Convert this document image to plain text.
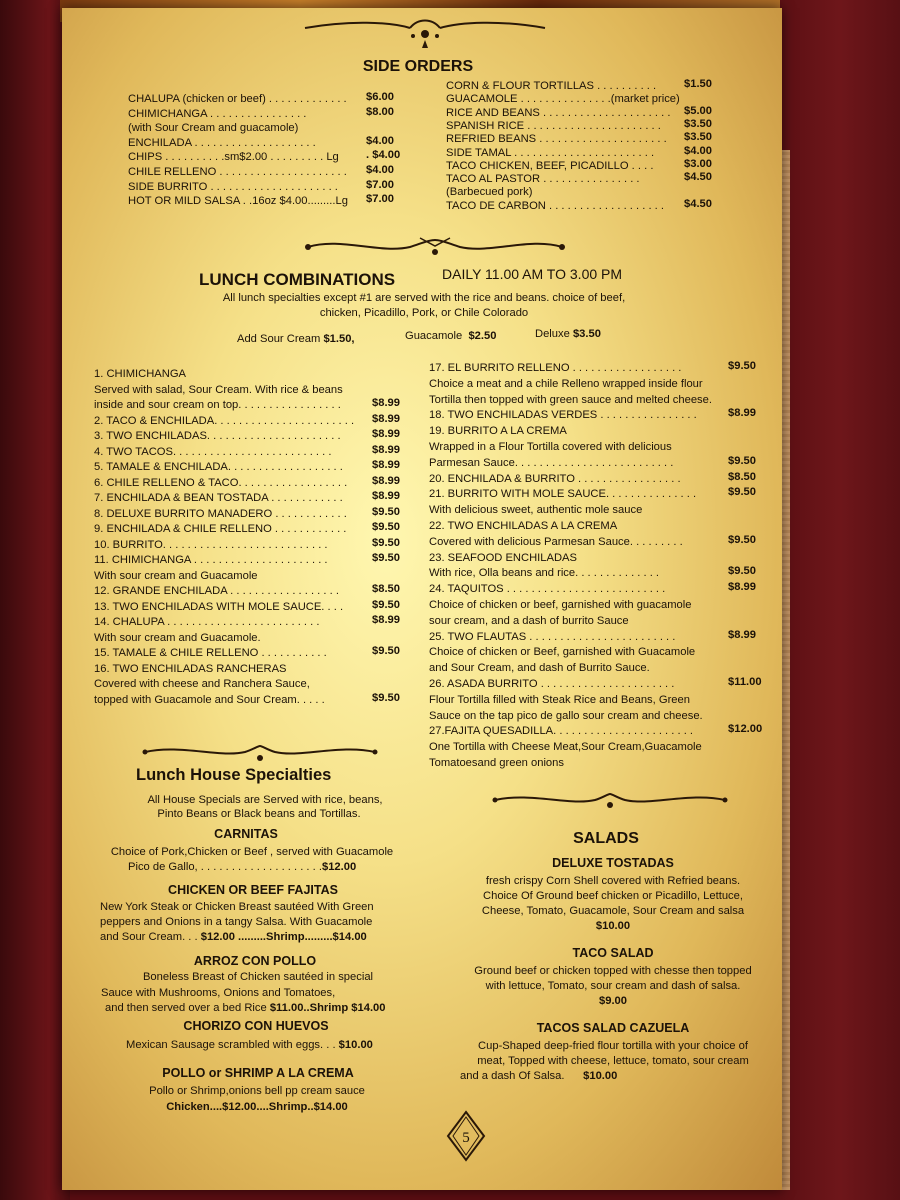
SIDE ORDERS
CHALUPA (chicken or beef) . . . . . . . . . . . . . $6.00
CHIMICHANGA . . . . . . . . . . . . . . . .	$8.00
(with Sour Cream and guacamole)
ENCHILADA . . . . . . . . . . . . . . . . . . . .	$4.00
CHIPS . . . . . . . . . .sm$2.00 . . . . . . . . . Lg . $4.00
CHILE RELLENO . . . . . . . . . . . . . . . . . . . . . $4.00
SIDE BURRITO . . . . . . . . . . . . . . . . . . . . .	$7.00
HOT OR MILD SALSA . .16oz $4.00.........Lg $7.00
CORN & FLOUR TORTILLAS . . . . . . . . . . $1.50
GUACAMOLE . . . . . . . . . . . . . . .(market price)
RICE AND BEANS . . . . . . . . . . . . . . . . . . . . . $5.00
SPANISH RICE . . . . . . . . . . . . . . . . . . . . . . $3.50
REFRIED BEANS . . . . . . . . . . . . . . . . . . . . . $3.50
SIDE TAMAL . . . . . . . . . . . . . . . . . . . . . . .	$4.00
TACO CHICKEN, BEEF, PICADILLO . . . .	$3.00
TACO AL PASTOR . . . . . . . . . . . . . . . .	$4.50
(Barbecued pork)
TACO DE CARBON . . . . . . . . . . . . . . . . . . . $4.50
LUNCH COMBINATIONS	DAILY 11.00 AM TO 3.00 PM
All lunch specialties except #1 are served with the rice and beans. choice of beef,
chicken, Picadillo, Pork, or Chile Colorado
Add Sour Cream $1.50,	Guacamole $2.50	Deluxe $3.50
1. CHIMICHANGA
Served with salad, Sour Cream. With rice & beans
inside and sour cream on top. . . . . . . . . . . . . . . . .	$8.99
2. TACO & ENCHILADA. . . . . . . . . . . . . . . . . . . . . . . $8.99
3. TWO ENCHILADAS. . . . . . . . . . . . . . . . . . . . . .	$8.99
4. TWO TACOS. . . . . . . . . . . . . . . . . . . . . . . . . .	$8.99
5. TAMALE & ENCHILADA. . . . . . . . . . . . . . . . . . .	$8.99
6. CHILE RELLENO & TACO. . . . . . . . . . . . . . . . . . $8.99
7. ENCHILADA & BEAN TOSTADA . . . . . . . . . . . .	$8.99
8. DELUXE BURRITO MANADERO . . . . . . . . . . . . $9.50
9. ENCHILADA & CHILE RELLENO . . . . . . . . . . . . $9.50
10. BURRITO. . . . . . . . . . . . . . . . . . . . . . . . . . .	$9.50
11. CHIMICHANGA . . . . . . . . . . . . . . . . . . . . . .	$9.50
With sour cream and Guacamole
12. GRANDE ENCHILADA . . . . . . . . . . . . . . . . . .	$8.50
13. TWO ENCHILADAS WITH MOLE SAUCE. . . .	$9.50
14. CHALUPA . . . . . . . . . . . . . . . . . . . . . . . . .	$8.99
With sour cream and Guacamole.
15. TAMALE & CHILE RELLENO . . . . . . . . . . .	$9.50
16. TWO ENCHILADAS RANCHERAS
Covered with cheese and Ranchera Sauce,
topped with Guacamole and Sour Cream. . . . .	$9.50
17. EL BURRITO RELLENO . . . . . . . . . . . . . . . . . .	$9.50
Choice a meat and a chile Relleno wrapped inside flour
Tortilla then topped with green sauce and melted cheese.
18. TWO ENCHILADAS VERDES . . . . . . . . . . . . . . . .	$8.99
19. BURRITO A LA CREMA
Wrapped in a Flour Tortilla covered with delicious
Parmesan Sauce. . . . . . . . . . . . . . . . . . . . . . . . . .	$9.50
20. ENCHILADA & BURRITO . . . . . . . . . . . . . . . . .	$8.50
21. BURRITO WITH MOLE SAUCE. . . . . . . . . . . . . . .	$9.50
With delicious sweet, authentic mole sauce
22. TWO ENCHILADAS A LA CREMA
Covered with delicious Parmesan Sauce. . . . . . . . .	$9.50
23. SEAFOOD ENCHILADAS
With rice, Olla beans and rice. . . . . . . . . . . . . .	$9.50
24. TAQUITOS . . . . . . . . . . . . . . . . . . . . . . . . . .	$8.99
Choice of chicken or beef, garnished with guacamole
sour cream, and a dash of burrito Sauce
25. TWO FLAUTAS . . . . . . . . . . . . . . . . . . . . . . . .	$8.99
Choice of chicken or Beef, garnished with Guacamole
and Sour Cream, and dash of Burrito Sauce.
26. ASADA BURRITO . . . . . . . . . . . . . . . . . . . . . .	$11.00
Flour Tortilla filled with Steak Rice and Beans, Green
Sauce on the tap pico de gallo sour cream and cheese.
27.FAJITA QUESADILLA. . . . . . . . . . . . . . . . . . . . . . .	$12.00
One Tortilla with Cheese Meat,Sour Cream,Guacamole
Tomatoesand green onions
Lunch House Specialties
All House Specials are Served with rice, beans,
Pinto Beans or Black beans and Tortillas.
CARNITAS
Choice of Pork,Chicken or Beef , served with Guacamole
Pico de Gallo, . . . . . . . . . . . . . . . . . . . .$12.00
CHICKEN OR BEEF FAJITAS
New York Steak or Chicken Breast sautéed With Green
peppers and Onions in a tangy Salsa. With Guacamole
and Sour Cream. . . $12.00 .........Shrimp.........$14.00
ARROZ CON POLLO
Boneless Breast of Chicken sautéed in special
Sauce with Mushrooms, Onions and Tomatoes,
and then served over a bed Rice $11.00..Shrimp $14.00
CHORIZO CON HUEVOS
Mexican Sausage scrambled with eggs. . . $10.00
POLLO or SHRIMP A LA CREMA
Pollo or Shrimp,onions bell pp cream sauce
Chicken....$12.00....Shrimp..$14.00
SALADS
DELUXE TOSTADAS
fresh crispy Corn Shell covered with Refried beans.
Choice Of Ground beef chicken or Picadillo, Lettuce,
Cheese, Tomato, Guacamole, Sour Cream and salsa
$10.00
TACO SALAD
Ground beef or chicken topped with chesse then topped
with lettuce, Tomato, sour cream and dash of salsa.
$9.00
TACOS SALAD CAZUELA
Cup-Shaped deep-fried flour tortilla with your choice of
meat, Topped with cheese, lettuce, tomato, sour cream
and a dash Of Salsa. $10.00
5
